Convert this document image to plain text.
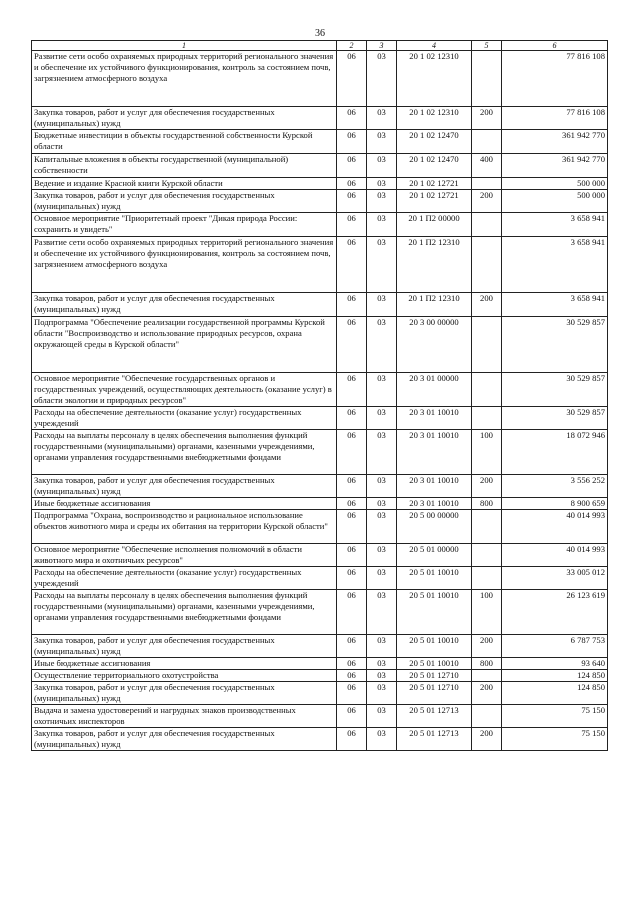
36
1	2	3	4	5	6
Развитие сети особо охраняемых природных территорий регионального значения и обеспечение их устойчивого функционирования, контроль за состоянием почв, загрязнением атмосферного воздуха	06	03	20 1 02 12310		77 816 108
Закупка товаров, работ и услуг для обеспечения государственных (муниципальных) нужд	06	03	20 1 02 12310	200	77 816 108
Бюджетные инвестиции в объекты государственной собственности Курской области	06	03	20 1 02 12470		361 942 770
Капитальные вложения в объекты государственной (муниципальной) собственности	06	03	20 1 02 12470	400	361 942 770
Ведение и издание Красной книги Курской области	06	03	20 1 02 12721		500 000
Закупка товаров, работ и услуг для обеспечения государственных (муниципальных) нужд	06	03	20 1 02 12721	200	500 000
Основное мероприятие "Приоритетный проект "Дикая природа России: сохранить и увидеть"	06	03	20 1 П2 00000		3 658 941
Развитие сети особо охраняемых природных территорий регионального значения и обеспечение их устойчивого функционирования, контроль за состоянием почв, загрязнением атмосферного воздуха	06	03	20 1 П2 12310		3 658 941
Закупка товаров, работ и услуг для обеспечения государственных (муниципальных) нужд	06	03	20 1 П2 12310	200	3 658 941
Подпрограмма "Обеспечение реализации государственной программы Курской области "Воспроизводство и использование природных ресурсов, охрана окружающей среды в Курской области"	06	03	20 3 00 00000		30 529 857
Основное мероприятие "Обеспечение государственных органов и государственных учреждений, осуществляющих деятельность (оказание услуг) в области экологии и природных ресурсов"	06	03	20 3 01 00000		30 529 857
Расходы на обеспечение деятельности (оказание услуг) государственных учреждений	06	03	20 3 01 10010		30 529 857
Расходы на выплаты персоналу в целях обеспечения выполнения функций государственными (муниципальными) органами, казенными учреждениями, органами управления государственными внебюджетными фондами	06	03	20 3 01 10010	100	18 072 946
Закупка товаров, работ и услуг для обеспечения государственных (муниципальных) нужд	06	03	20 3 01 10010	200	3 556 252
Иные бюджетные ассигнования	06	03	20 3 01 10010	800	8 900 659
Подпрограмма "Охрана, воспроизводство и рациональное использование объектов животного мира и среды их обитания на территории Курской области"	06	03	20 5 00 00000		40 014 993
Основное мероприятие "Обеспечение исполнения полномочий в области животного мира и охотничьих ресурсов"	06	03	20 5 01 00000		40 014 993
Расходы на обеспечение деятельности (оказание услуг) государственных учреждений	06	03	20 5 01 10010		33 005 012
Расходы на выплаты персоналу в целях обеспечения выполнения функций государственными (муниципальными) органами, казенными учреждениями, органами управления государственными внебюджетными фондами	06	03	20 5 01 10010	100	26 123 619
Закупка товаров, работ и услуг для обеспечения государственных (муниципальных) нужд	06	03	20 5 01 10010	200	6 787 753
Иные бюджетные ассигнования	06	03	20 5 01 10010	800	93 640
Осуществление территориального охотустройства	06	03	20 5 01 12710		124 850
Закупка товаров, работ и услуг для обеспечения государственных (муниципальных) нужд	06	03	20 5 01 12710	200	124 850
Выдача и замена удостоверений и нагрудных знаков производственных охотничьих инспекторов	06	03	20 5 01 12713		75 150
Закупка товаров, работ и услуг для обеспечения государственных (муниципальных) нужд	06	03	20 5 01 12713	200	75 150
